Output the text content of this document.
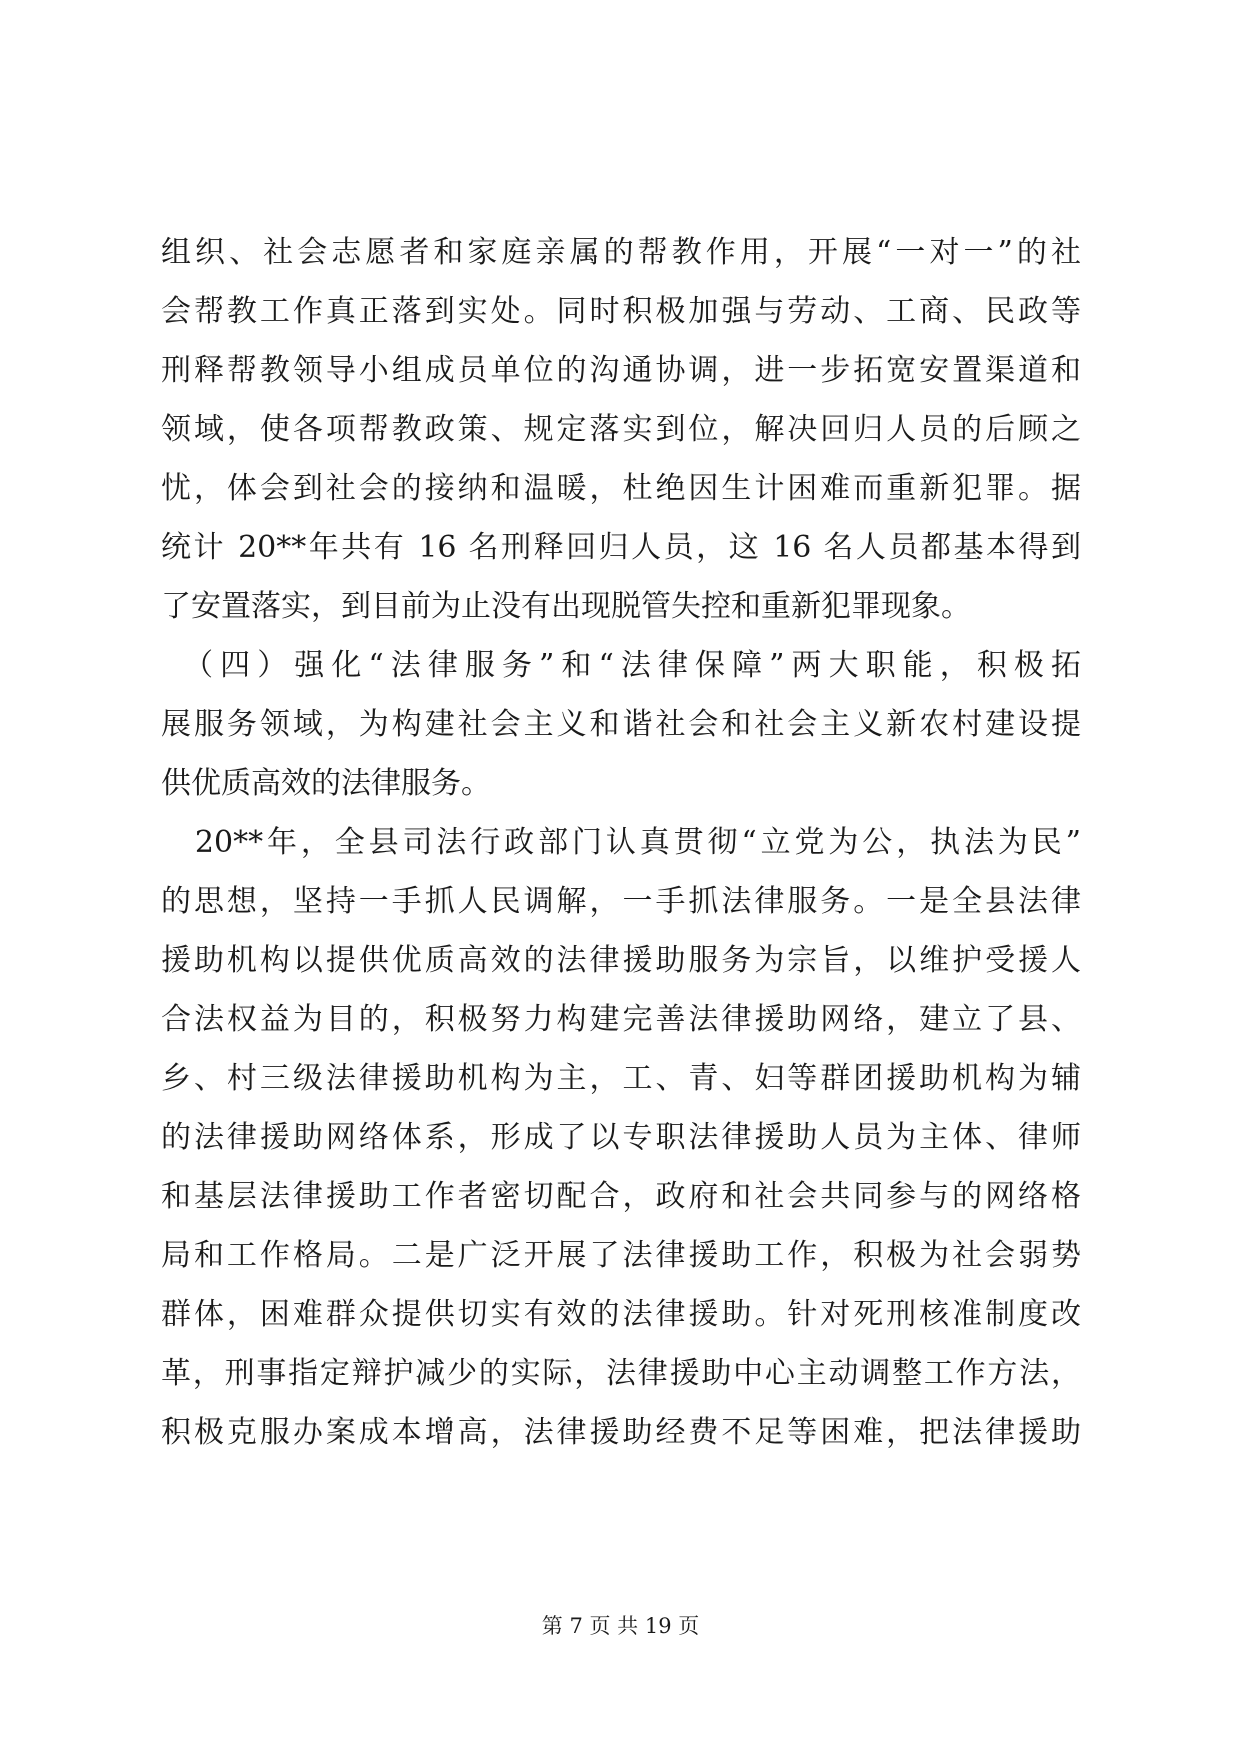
组织、社会志愿者和家庭亲属的帮教作用，开展“一对一”的社
会帮教工作真正落到实处。同时积极加强与劳动、工商、民政等
刑释帮教领导小组成员单位的沟通协调，进一步拓宽安置渠道和
领域，使各项帮教政策、规定落实到位，解决回归人员的后顾之
忧，体会到社会的接纳和温暖，杜绝因生计困难而重新犯罪。据
统计 20**年共有 16 名刑释回归人员，这 16 名人员都基本得到
了安置落实，到目前为止没有出现脱管失控和重新犯罪现象。
　（四）强化“法律服务”和“法律保障”两大职能，积极拓
展服务领域，为构建社会主义和谐社会和社会主义新农村建设提
供优质高效的法律服务。
　20**年，全县司法行政部门认真贯彻“立党为公，执法为民”
的思想，坚持一手抓人民调解，一手抓法律服务。一是全县法律
援助机构以提供优质高效的法律援助服务为宗旨，以维护受援人
合法权益为目的，积极努力构建完善法律援助网络，建立了县、
乡、村三级法律援助机构为主，工、青、妇等群团援助机构为辅
的法律援助网络体系，形成了以专职法律援助人员为主体、律师
和基层法律援助工作者密切配合，政府和社会共同参与的网络格
局和工作格局。二是广泛开展了法律援助工作，积极为社会弱势
群体，困难群众提供切实有效的法律援助。针对死刑核准制度改
革，刑事指定辩护减少的实际，法律援助中心主动调整工作方法，
积极克服办案成本增高，法律援助经费不足等困难，把法律援助
第 7 页 共 19 页
